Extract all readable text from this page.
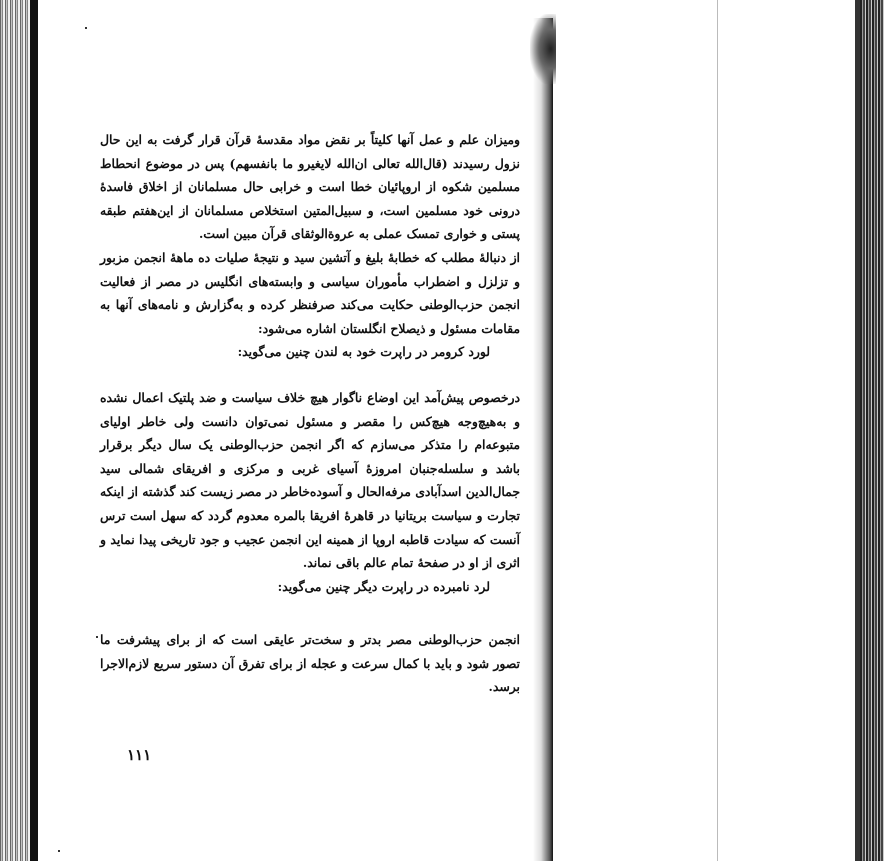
ومیزان علم و عمل آنها کلیتاً بر نقض مواد مقدسهٔ قرآن قرار گرفت به این حال نزول رسیدند (قال‌الله تعالی ان‌الله لایغیرو ما بانفسهم) پس در موضوع انحطاط مسلمین شکوه از اروپائیان خطا است و خرابی حال مسلمانان از اخلاق فاسدهٔ درونی خود مسلمین است، و سبیل‌المتین استخلاص مسلمانان از این‌هفتم طبقه پستی و خواری تمسک عملی به عروة‌الوثقای قرآن مبین است.

از دنبالهٔ مطلب که خطابهٔ بلیغ و آتشین سید و نتیجهٔ صلیات ده ماههٔ انجمن مزبور و تزلزل و اضطراب مأموران سیاسی و وابسته‌های انگلیس در مصر از فعالیت انجمن حزب‌الوطنی حکایت می‌کند صرفنظر کرده و به‌گزارش و نامه‌های آنها به مقامات مسئول و ذیصلاح انگلستان اشاره می‌شود:

لورد کرومر در راپرت خود به لندن چنین می‌گوید:

درخصوص پیش‌آمد این اوضاع ناگوار هیچ خلاف سیاست و ضد پلتیک اعمال نشده و به‌هیچ‌وجه هیچ‌کس را مقصر و مسئول نمی‌توان دانست ولی خاطر اولیای متبوعه‌ام را متذکر می‌سازم که اگر انجمن حزب‌الوطنی یک سال دیگر برقرار باشد و سلسله‌جنبان امروزهٔ آسیای غربی و مرکزی و افریقای شمالی سید جمال‌الدین اسدآبادی مرفه‌الحال و آسوده‌خاطر در مصر زیست کند گذشته از اینکه تجارت و سیاست بریتانیا در قاهرهٔ افریقا بالمره معدوم گردد که سهل است ترس آنست که سیادت قاطبه اروپا از همینه این انجمن عجیب و جود تاریخی پیدا نماید و اثری از او در صفحهٔ تمام عالم باقی نماند.

لرد نامبرده در راپرت دیگر چنین می‌گوید:

انجمن حزب‌الوطنی مصر بدتر و سخت‌تر عایقی است که از برای پیشرفت ما تصور شود و باید با کمال سرعت و عجله از برای تفرق آن دستور سریع لازم‌الاجرا برسد.

۱۱۱
